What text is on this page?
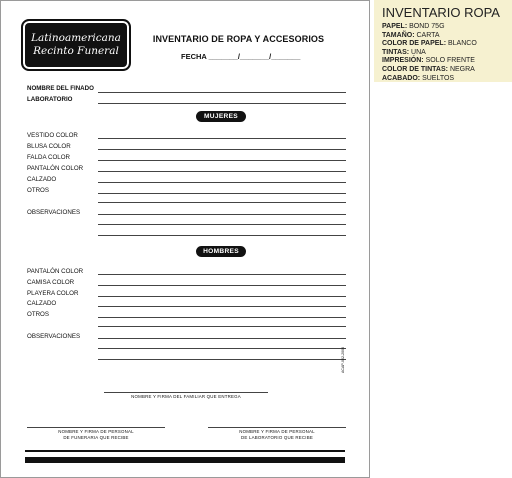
Latinoamericana
Recinto Funeral
INVENTARIO DE ROPA Y ACCESORIOS
FECHA _______/_______/_______
NOMBRE DEL FINADO
LABORATORIO
MUJERES
VESTIDO COLOR
BLUSA COLOR
FALDA COLOR
PANTALÓN COLOR
CALZADO
OTROS
OBSERVACIONES
HOMBRES
PANTALÓN COLOR
CAMISA COLOR
PLAYERA COLOR
CALZADO
OTROS
OBSERVACIONES
NOMBRE Y FIRMA DEL FAMILIAR QUE ENTREGA
ACAP-002-2006
NOMBRE Y FIRMA DE PERSONAL
DE FUNERARIA QUE RECIBE
NOMBRE Y FIRMA DE PERSONAL
DE LABORATORIO QUE RECIBE
INVENTARIO ROPA
PAPEL: BOND 75G
TAMAÑO: CARTA
COLOR DE PAPEL: BLANCO
TINTAS: UNA
IMPRESIÓN: SOLO FRENTE
COLOR DE TINTAS: NEGRA
ACABADO: SUELTOS
